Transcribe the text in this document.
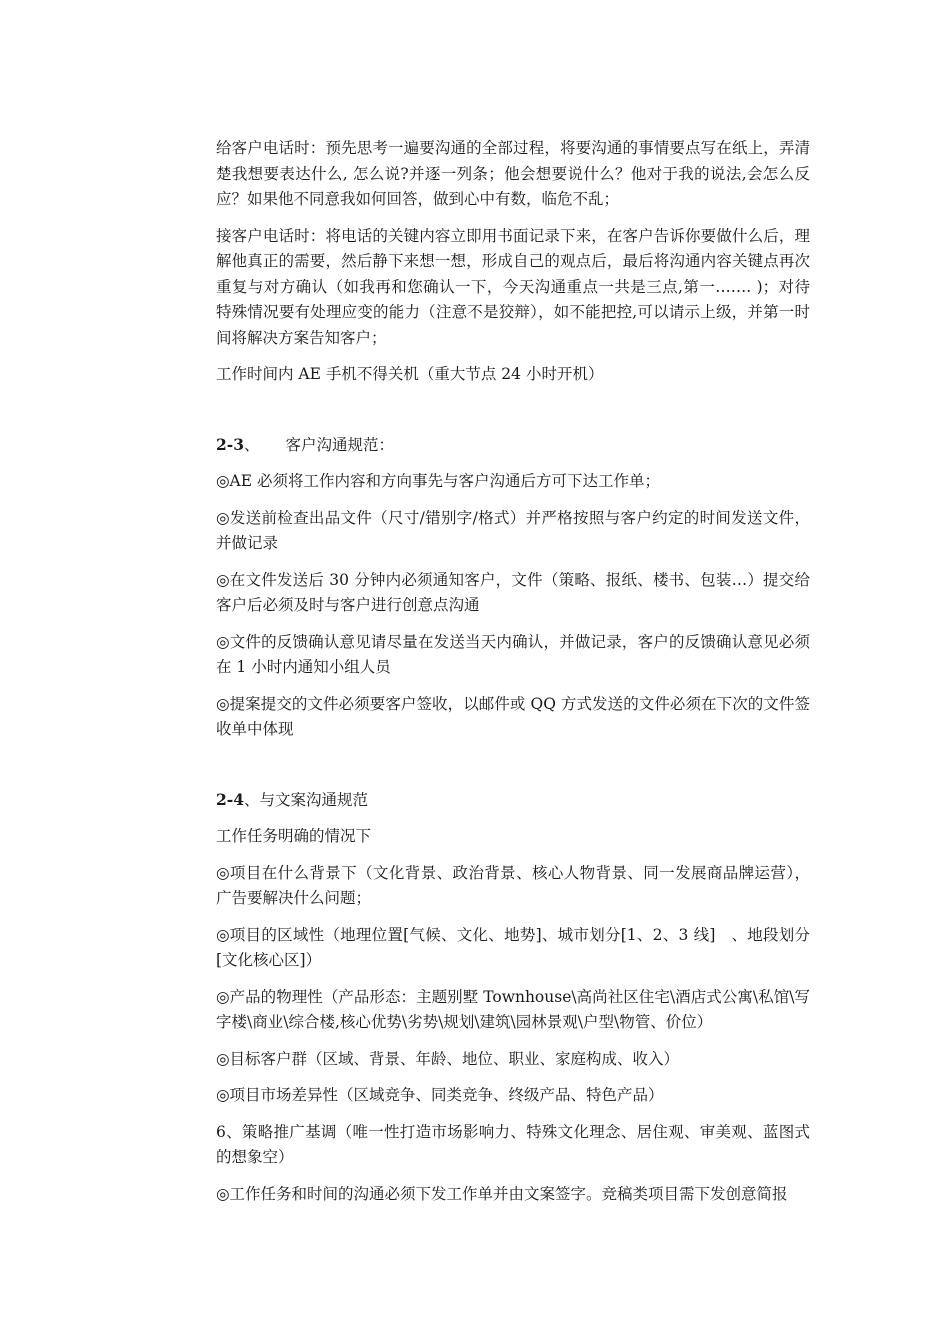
给客户电话时：预先思考一遍要沟通的全部过程，将要沟通的事情要点写在纸上，弄清楚我想要表达什么, 怎么说?并逐一列条；他会想要说什么？他对于我的说法,会怎么反应？如果他不同意我如何回答，做到心中有数，临危不乱；

接客户电话时：将电话的关键内容立即用书面记录下来，在客户告诉你要做什么后，理解他真正的需要，然后静下来想一想，形成自己的观点后，最后将沟通内容关键点再次重复与对方确认（如我再和您确认一下，今天沟通重点一共是三点,第一……. )；对待特殊情况要有处理应变的能力（注意不是狡辩），如不能把控,可以请示上级，并第一时间将解决方案告知客户；

工作时间内 AE 手机不得关机（重大节点 24 小时开机）

2-3、 客户沟通规范：

◎AE 必须将工作内容和方向事先与客户沟通后方可下达工作单；

◎发送前检查出品文件（尺寸/错别字/格式）并严格按照与客户约定的时间发送文件，并做记录

◎在文件发送后 30 分钟内必须通知客户，文件（策略、报纸、楼书、包装…）提交给客户后必须及时与客户进行创意点沟通

◎文件的反馈确认意见请尽量在发送当天内确认，并做记录，客户的反馈确认意见必须在 1 小时内通知小组人员

◎提案提交的文件必须要客户签收，以邮件或 QQ 方式发送的文件必须在下次的文件签收单中体现

2-4、与文案沟通规范

工作任务明确的情况下

◎项目在什么背景下（文化背景、政治背景、核心人物背景、同一发展商品牌运营），广告要解决什么问题；

◎项目的区域性（地理位置[气候、文化、地势]、城市划分[1、2、3 线]　、地段划分[文化核心区]）

◎产品的物理性（产品形态：主题别墅 Townhouse\高尚社区住宅\酒店式公寓\私馆\写字楼\商业\综合楼,核心优势\劣势\规划\建筑\园林景观\户型\物管、价位）

◎目标客户群（区域、背景、年龄、地位、职业、家庭构成、收入）

◎项目市场差异性（区域竞争、同类竞争、终级产品、特色产品）

6、策略推广基调（唯一性打造市场影响力、特殊文化理念、居住观、审美观、蓝图式的想象空）

◎工作任务和时间的沟通必须下发工作单并由文案签字。竞稿类项目需下发创意简报
